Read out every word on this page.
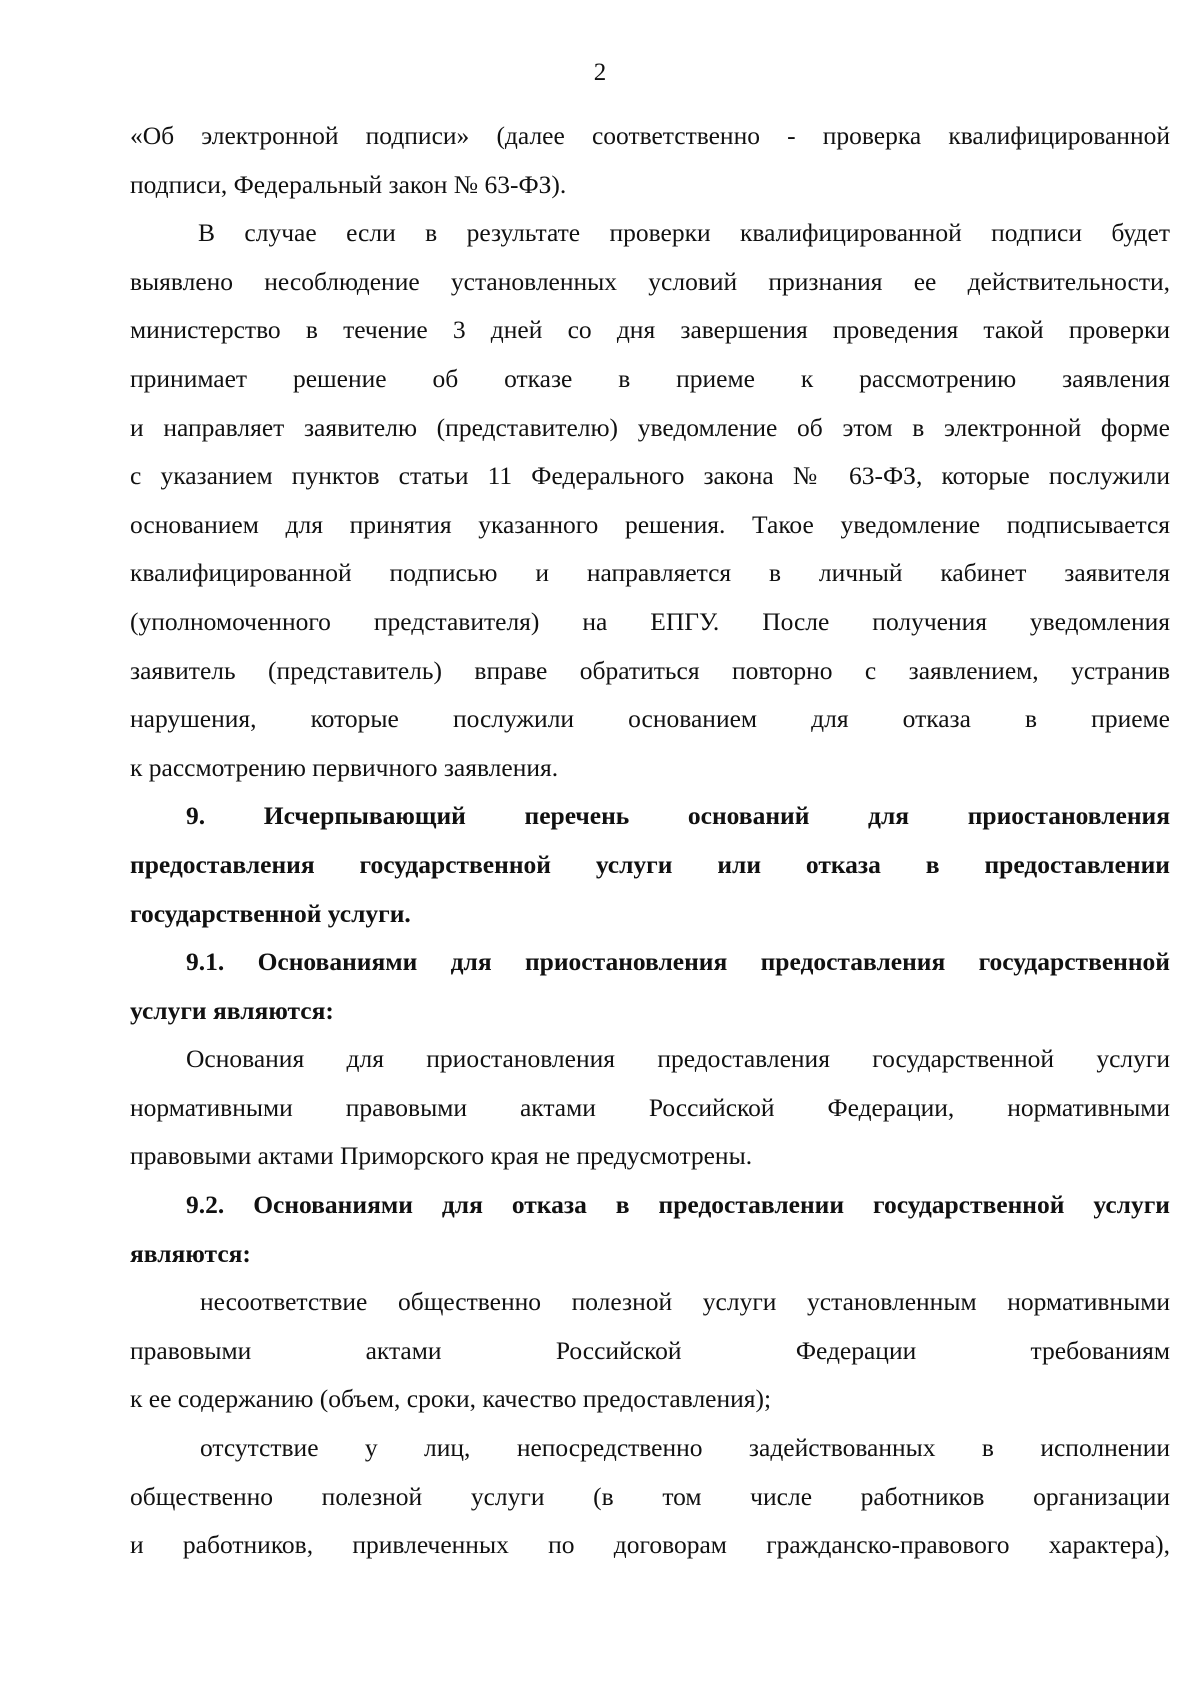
2
«Об электронной подписи» (далее соответственно - проверка квалифицированной
подписи, Федеральный закон № 63-ФЗ).
В случае если в результате проверки квалифицированной подписи будет
выявлено несоблюдение установленных условий признания ее действительности,
министерство в течение 3 дней со дня завершения проведения такой проверки
принимает решение об отказе в приеме к рассмотрению заявления
и направляет заявителю (представителю) уведомление об этом в электронной форме
с указанием пунктов статьи 11 Федерального закона № 63-ФЗ, которые послужили
основанием для принятия указанного решения. Такое уведомление подписывается
квалифицированной подписью и направляется в личный кабинет заявителя
(уполномоченного представителя) на ЕПГУ. После получения уведомления
заявитель (представитель) вправе обратиться повторно с заявлением, устранив
нарушения, которые послужили основанием для отказа в приеме
к рассмотрению первичного заявления.
9. Исчерпывающий перечень оснований для приостановления
предоставления государственной услуги или отказа в предоставлении
государственной услуги.
9.1. Основаниями для приостановления предоставления государственной
услуги являются:
Основания для приостановления предоставления государственной услуги
нормативными правовыми актами Российской Федерации, нормативными
правовыми актами Приморского края не предусмотрены.
9.2. Основаниями для отказа в предоставлении государственной услуги
являются:
несоответствие общественно полезной услуги установленным нормативными
правовыми актами Российской Федерации требованиям
к ее содержанию (объем, сроки, качество предоставления);
отсутствие у лиц, непосредственно задействованных в исполнении
общественно полезной услуги (в том числе работников организации
и работников, привлеченных по договорам гражданско-правового характера),
